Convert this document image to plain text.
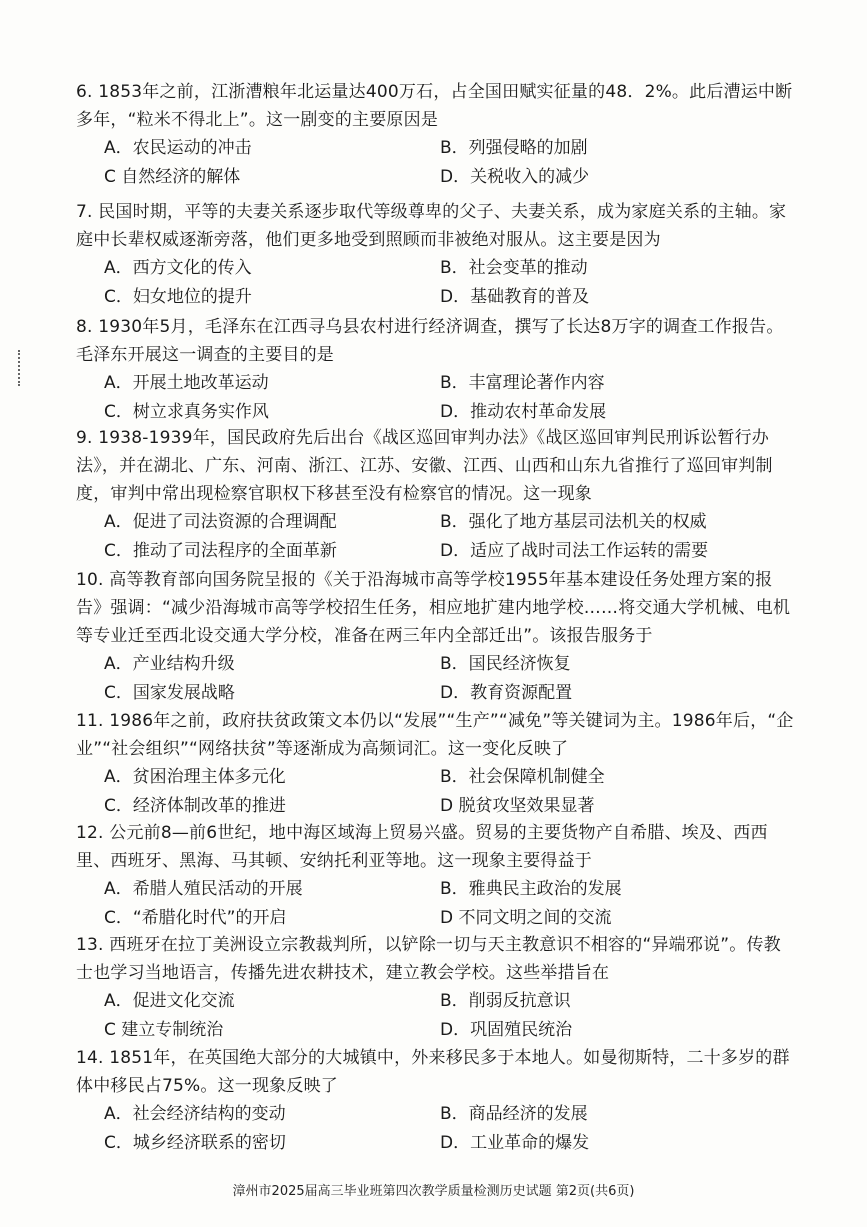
6. 1853年之前，江浙漕粮年北运量达400万石，占全国田赋实征量的48．2%。此后漕运中断多年，“粒米不得北上”。这一剧变的主要原因是

A．农民运动的冲击	B．列强侵略的加剧
C 自然经济的解体	D．关税收入的减少

7. 民国时期，平等的夫妻关系逐步取代等级尊卑的父子、夫妻关系，成为家庭关系的主轴。家庭中长辈权威逐渐旁落，他们更多地受到照顾而非被绝对服从。这主要是因为

A．西方文化的传入	B．社会变革的推动
C．妇女地位的提升	D．基础教育的普及

8. 1930年5月，毛泽东在江西寻乌县农村进行经济调查，撰写了长达8万字的调查工作报告。毛泽东开展这一调查的主要目的是

A．开展土地改革运动	B．丰富理论著作内容
C．树立求真务实作风	D．推动农村革命发展

9. 1938-1939年，国民政府先后出台《战区巡回审判办法》《战区巡回审判民刑诉讼暂行办法》，并在湖北、广东、河南、浙江、江苏、安徽、江西、山西和山东九省推行了巡回审判制度，审判中常出现检察官职权下移甚至没有检察官的情况。这一现象

A．促进了司法资源的合理调配	B．强化了地方基层司法机关的权威
C．推动了司法程序的全面革新	D．适应了战时司法工作运转的需要

10. 高等教育部向国务院呈报的《关于沿海城市高等学校1955年基本建设任务处理方案的报告》强调：“减少沿海城市高等学校招生任务，相应地扩建内地学校……将交通大学机械、电机等专业迁至西北设交通大学分校，准备在两三年内全部迁出”。该报告服务于

A．产业结构升级	B．国民经济恢复
C．国家发展战略	D．教育资源配置

11. 1986年之前，政府扶贫政策文本仍以“发展”“生产”“减免”等关键词为主。1986年后，“企业”“社会组织”“网络扶贫”等逐渐成为高频词汇。这一变化反映了

A．贫困治理主体多元化	B．社会保障机制健全
C．经济体制改革的推进	D 脱贫攻坚效果显著

12. 公元前8—前6世纪，地中海区域海上贸易兴盛。贸易的主要货物产自希腊、埃及、西西里、西班牙、黑海、马其顿、安纳托利亚等地。这一现象主要得益于

A．希腊人殖民活动的开展	B．雅典民主政治的发展
C．“希腊化时代”的开启	D 不同文明之间的交流

13. 西班牙在拉丁美洲设立宗教裁判所，以铲除一切与天主教意识不相容的“异端邪说”。传教士也学习当地语言，传播先进农耕技术，建立教会学校。这些举措旨在

A．促进文化交流	B．削弱反抗意识
C 建立专制统治	D．巩固殖民统治

14. 1851年，在英国绝大部分的大城镇中，外来移民多于本地人。如曼彻斯特，二十多岁的群体中移民占75%。这一现象反映了

A．社会经济结构的变动	B．商品经济的发展
C．城乡经济联系的密切	D．工业革命的爆发
漳州市2025届高三毕业班第四次教学质量检测历史试题 第2页(共6页)
